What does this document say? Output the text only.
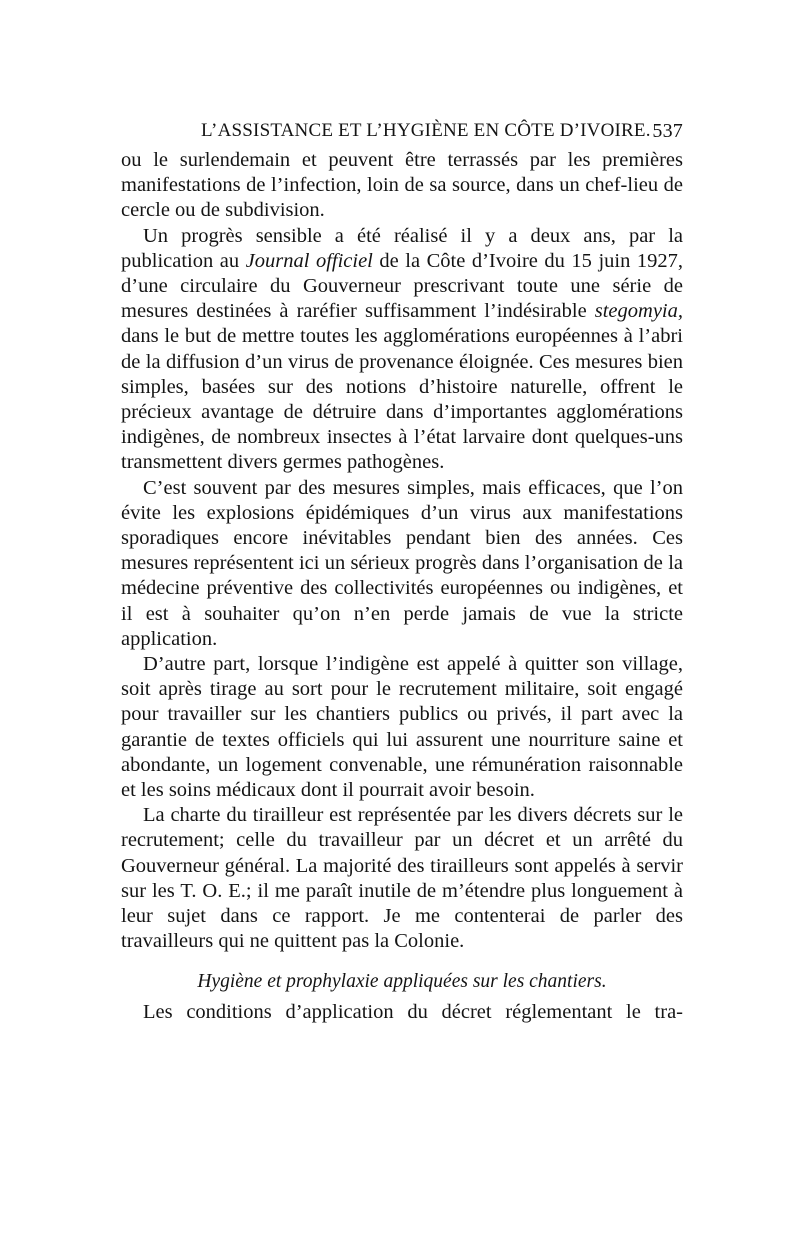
L’ASSISTANCE ET L’HYGIÈNE EN CÔTE D’IVOIRE. 537

ou le surlendemain et peuvent être terrassés par les premières manifestations de l’infection, loin de sa source, dans un chef-lieu de cercle ou de subdivision.

Un progrès sensible a été réalisé il y a deux ans, par la publication au Journal officiel de la Côte d’Ivoire du 15 juin 1927, d’une circulaire du Gouverneur prescrivant toute une série de mesures destinées à raréfier suffisamment l’indésirable stegomyia, dans le but de mettre toutes les agglomérations européennes à l’abri de la diffusion d’un virus de provenance éloignée. Ces mesures bien simples, basées sur des notions d’histoire naturelle, offrent le précieux avantage de détruire dans d’importantes agglomérations indigènes, de nombreux insectes à l’état larvaire dont quelques-uns transmettent divers germes pathogènes.

C’est souvent par des mesures simples, mais efficaces, que l’on évite les explosions épidémiques d’un virus aux manifestations sporadiques encore inévitables pendant bien des années. Ces mesures représentent ici un sérieux progrès dans l’organisation de la médecine préventive des collectivités européennes ou indigènes, et il est à souhaiter qu’on n’en perde jamais de vue la stricte application.

D’autre part, lorsque l’indigène est appelé à quitter son village, soit après tirage au sort pour le recrutement militaire, soit engagé pour travailler sur les chantiers publics ou privés, il part avec la garantie de textes officiels qui lui assurent une nourriture saine et abondante, un logement convenable, une rémunération raisonnable et les soins médicaux dont il pourrait avoir besoin.

La charte du tirailleur est représentée par les divers décrets sur le recrutement; celle du travailleur par un décret et un arrêté du Gouverneur général. La majorité des tirailleurs sont appelés à servir sur les T. O. E.; il me paraît inutile de m’étendre plus longuement à leur sujet dans ce rapport. Je me contenterai de parler des travailleurs qui ne quittent pas la Colonie.

Hygiène et prophylaxie appliquées sur les chantiers.
Les conditions d’application du décret réglementant le tra-
